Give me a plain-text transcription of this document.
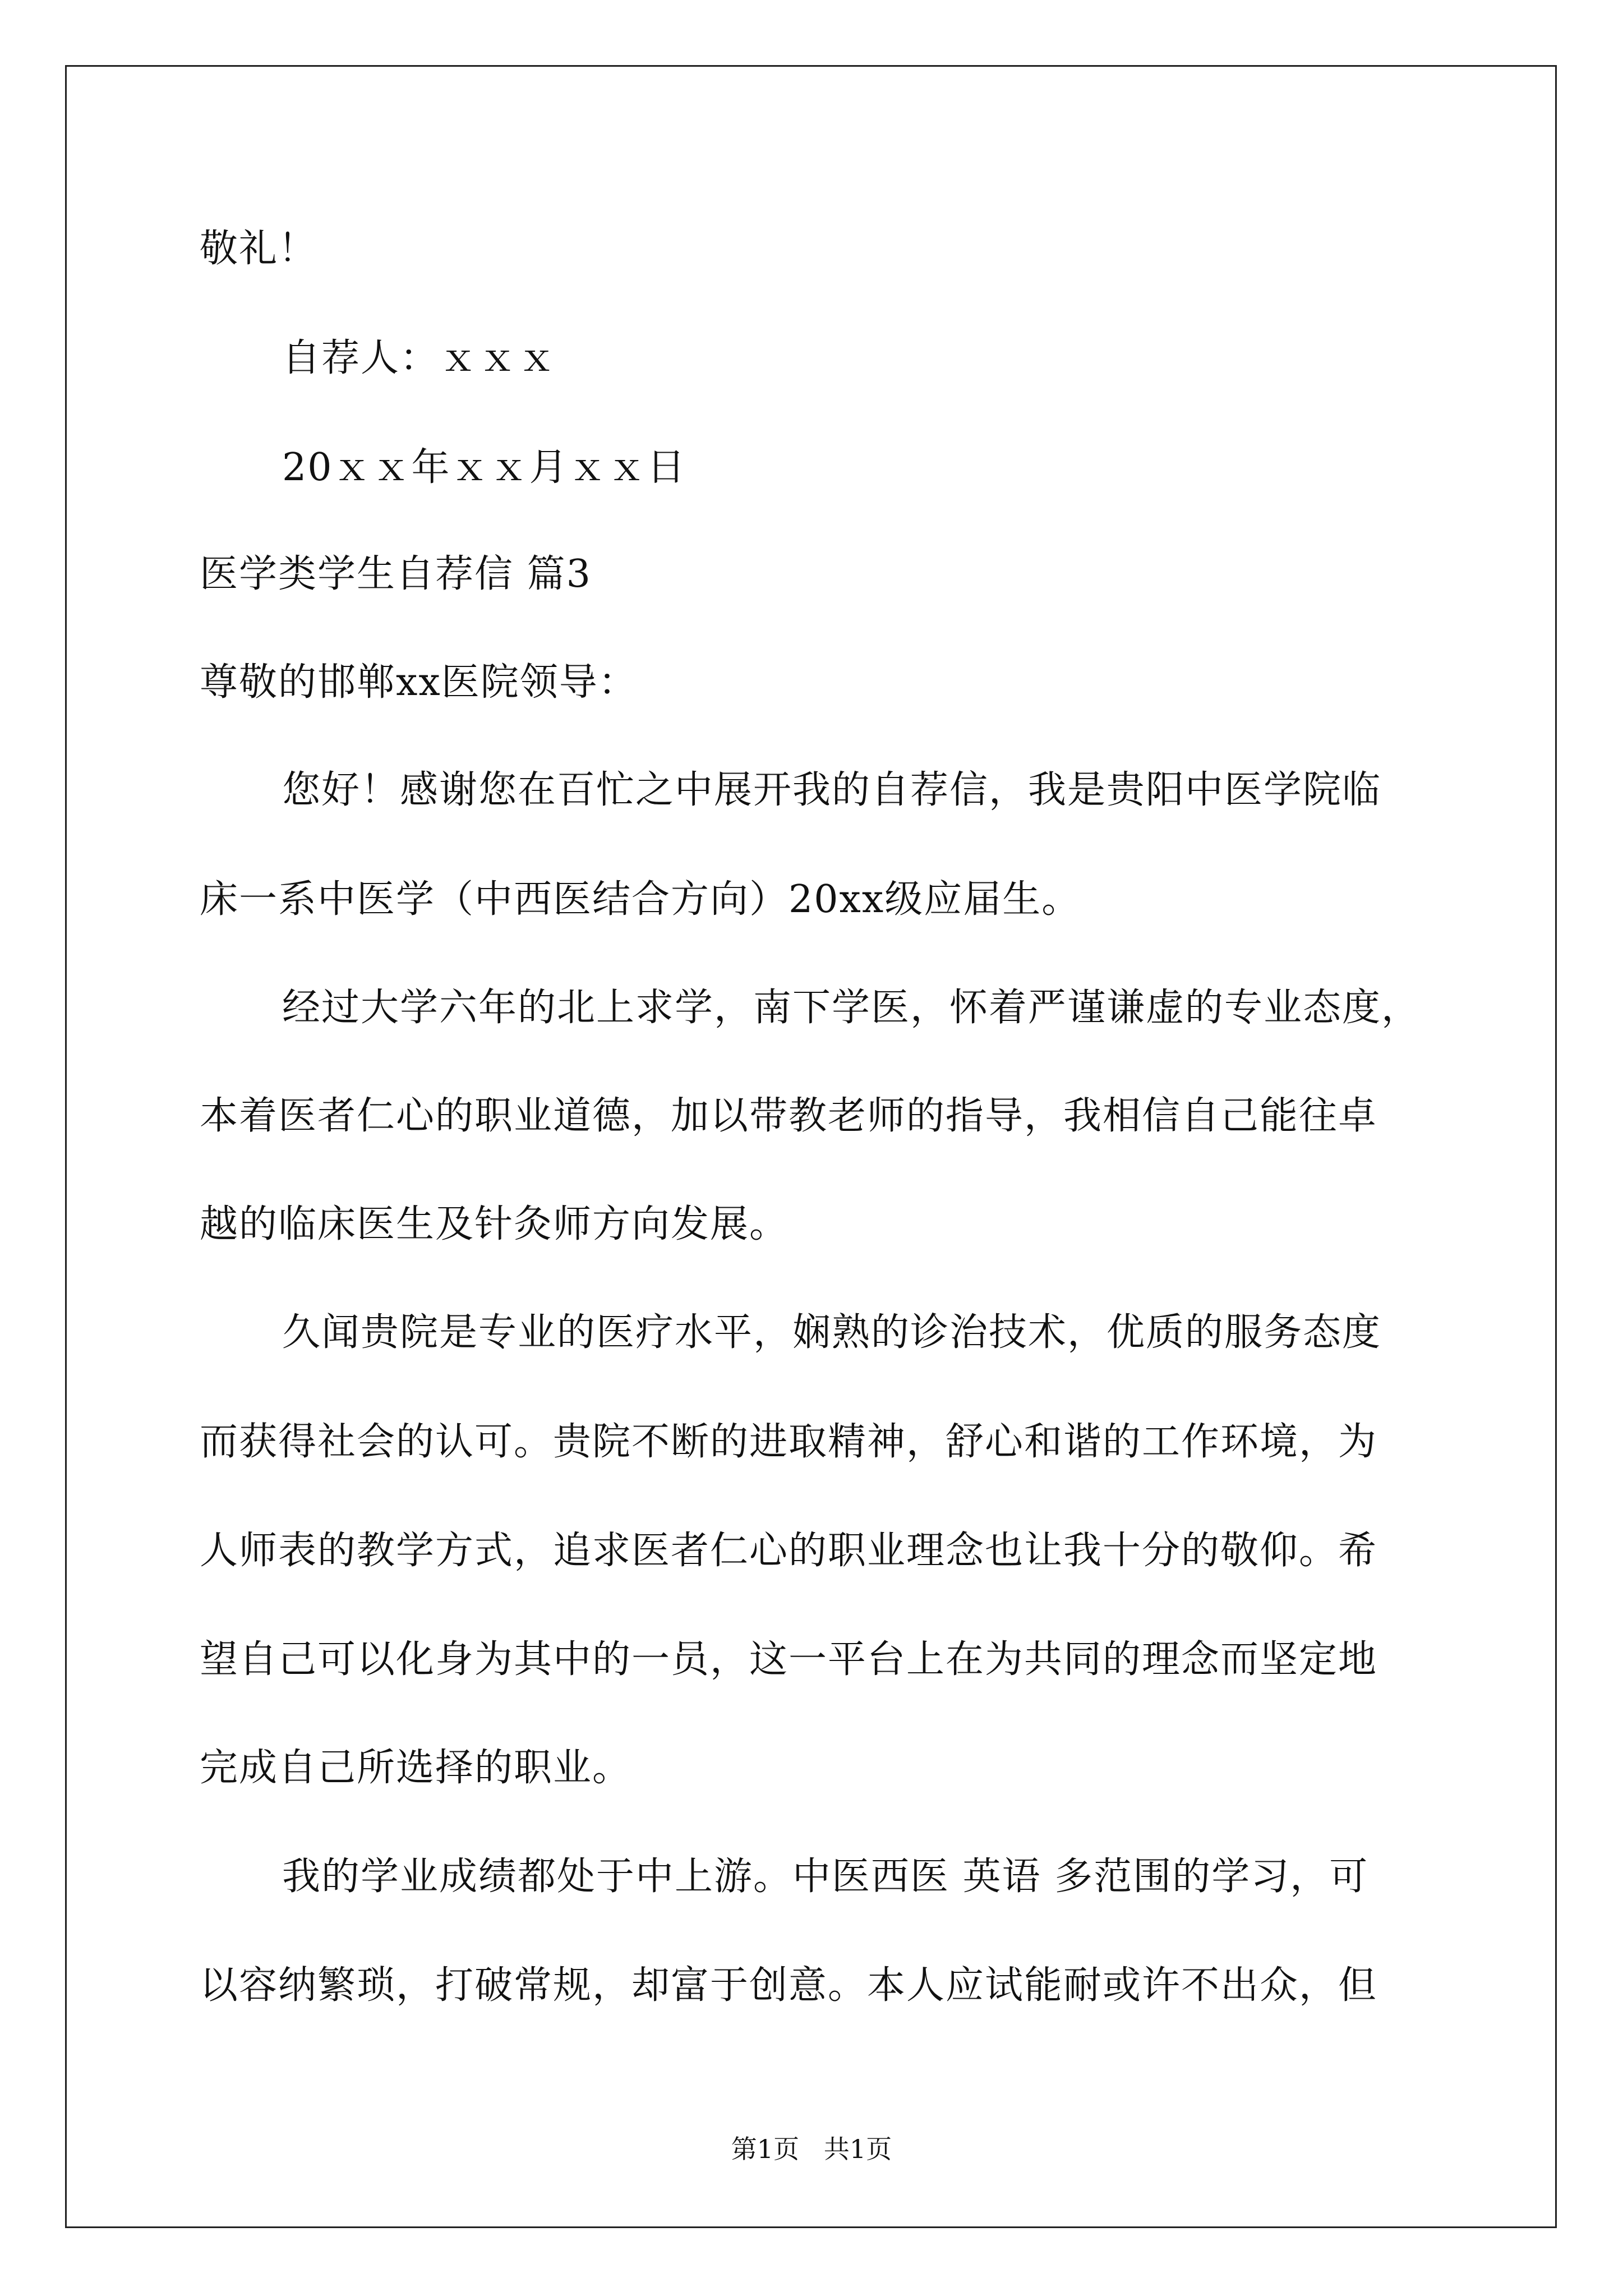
敬礼！
自荐人：ｘｘｘ
20ｘｘ年ｘｘ月ｘｘ日
医学类学生自荐信 篇3
尊敬的邯郸xx医院领导：
您好！感谢您在百忙之中展开我的自荐信，我是贵阳中医学院临
床一系中医学（中西医结合方向）20xx级应届生。
经过大学六年的北上求学，南下学医，怀着严谨谦虚的专业态度，
本着医者仁心的职业道德，加以带教老师的指导，我相信自己能往卓
越的临床医生及针灸师方向发展。
久闻贵院是专业的医疗水平，娴熟的诊治技术，优质的服务态度
而获得社会的认可。贵院不断的进取精神，舒心和谐的工作环境，为
人师表的教学方式，追求医者仁心的职业理念也让我十分的敬仰。希
望自己可以化身为其中的一员，这一平台上在为共同的理念而坚定地
完成自己所选择的职业。
我的学业成绩都处于中上游。中医西医 英语 多范围的学习，可
以容纳繁琐，打破常规，却富于创意。本人应试能耐或许不出众，但
第1页   共1页
